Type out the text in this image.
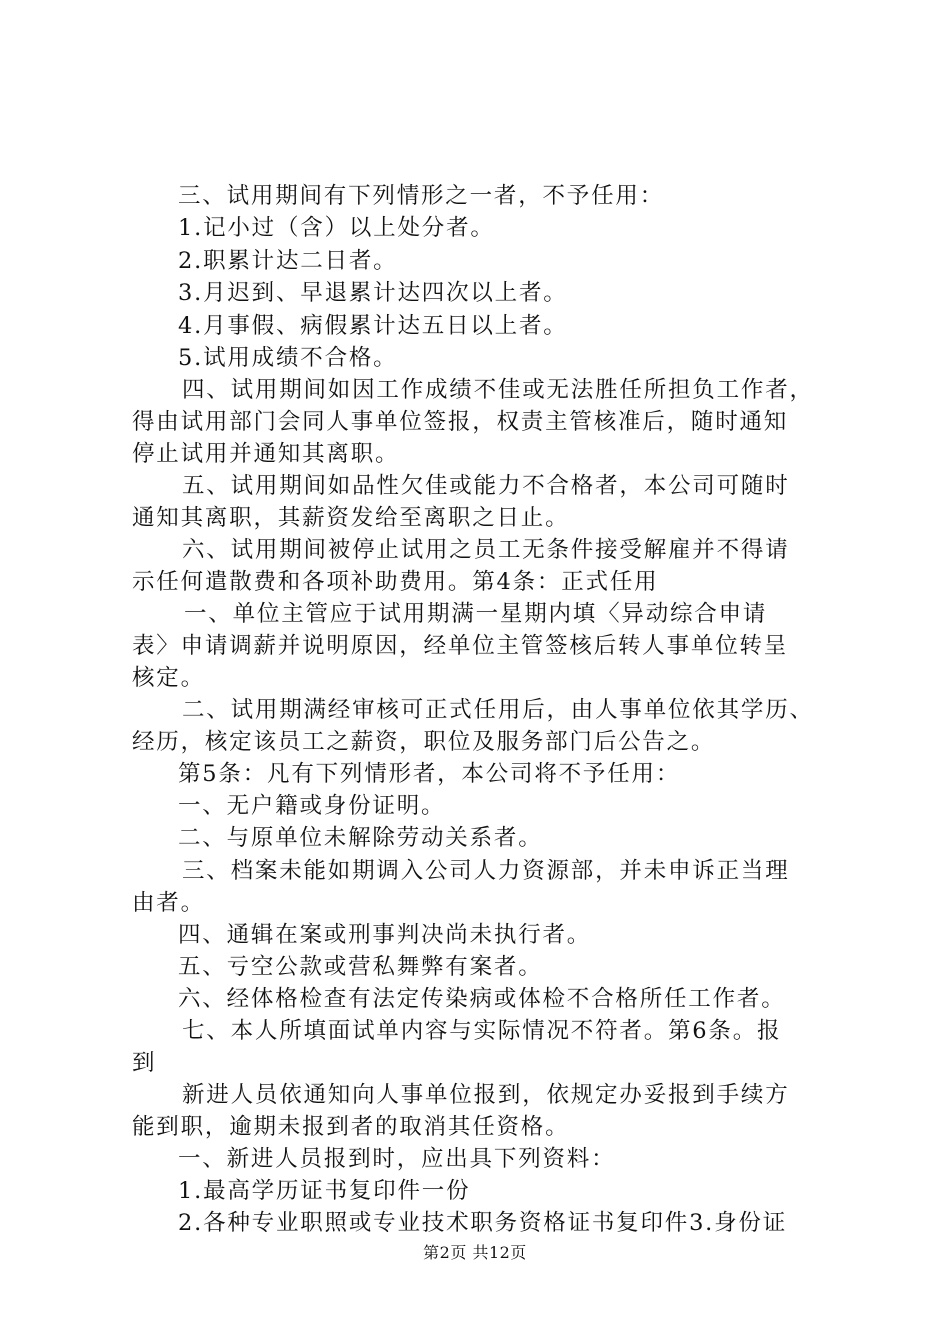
三、试用期间有下列情形之一者，不予任用：
1.记小过（含）以上处分者。
2.职累计达二日者。
3.月迟到、早退累计达四次以上者。
4.月事假、病假累计达五日以上者。
5.试用成绩不合格。
四、试用期间如因工作成绩不佳或无法胜任所担负工作者，
得由试用部门会同人事单位签报，权责主管核准后，随时通知
停止试用并通知其离职。
五、试用期间如品性欠佳或能力不合格者，本公司可随时
通知其离职，其薪资发给至离职之日止。
六、试用期间被停止试用之员工无条件接受解雇并不得请
示任何遣散费和各项补助费用。第4条：正式任用
一、单位主管应于试用期满一星期内填〈异动综合申请
表〉申请调薪并说明原因，经单位主管签核后转人事单位转呈
核定。
二、试用期满经审核可正式任用后，由人事单位依其学历、
经历，核定该员工之薪资，职位及服务部门后公告之。
第5条：凡有下列情形者，本公司将不予任用：
一、无户籍或身份证明。
二、与原单位未解除劳动关系者。
三、档案未能如期调入公司人力资源部，并未申诉正当理
由者。
四、通辑在案或刑事判决尚未执行者。
五、亏空公款或营私舞弊有案者。
六、经体格检查有法定传染病或体检不合格所任工作者。
七、本人所填面试单内容与实际情况不符者。第6条。报
到
新进人员依通知向人事单位报到，依规定办妥报到手续方
能到职，逾期未报到者的取消其任资格。
一、新进人员报到时，应出具下列资料：
1.最高学历证书复印件一份
2.各种专业职照或专业技术职务资格证书复印件3.身份证
第2页 共12页
